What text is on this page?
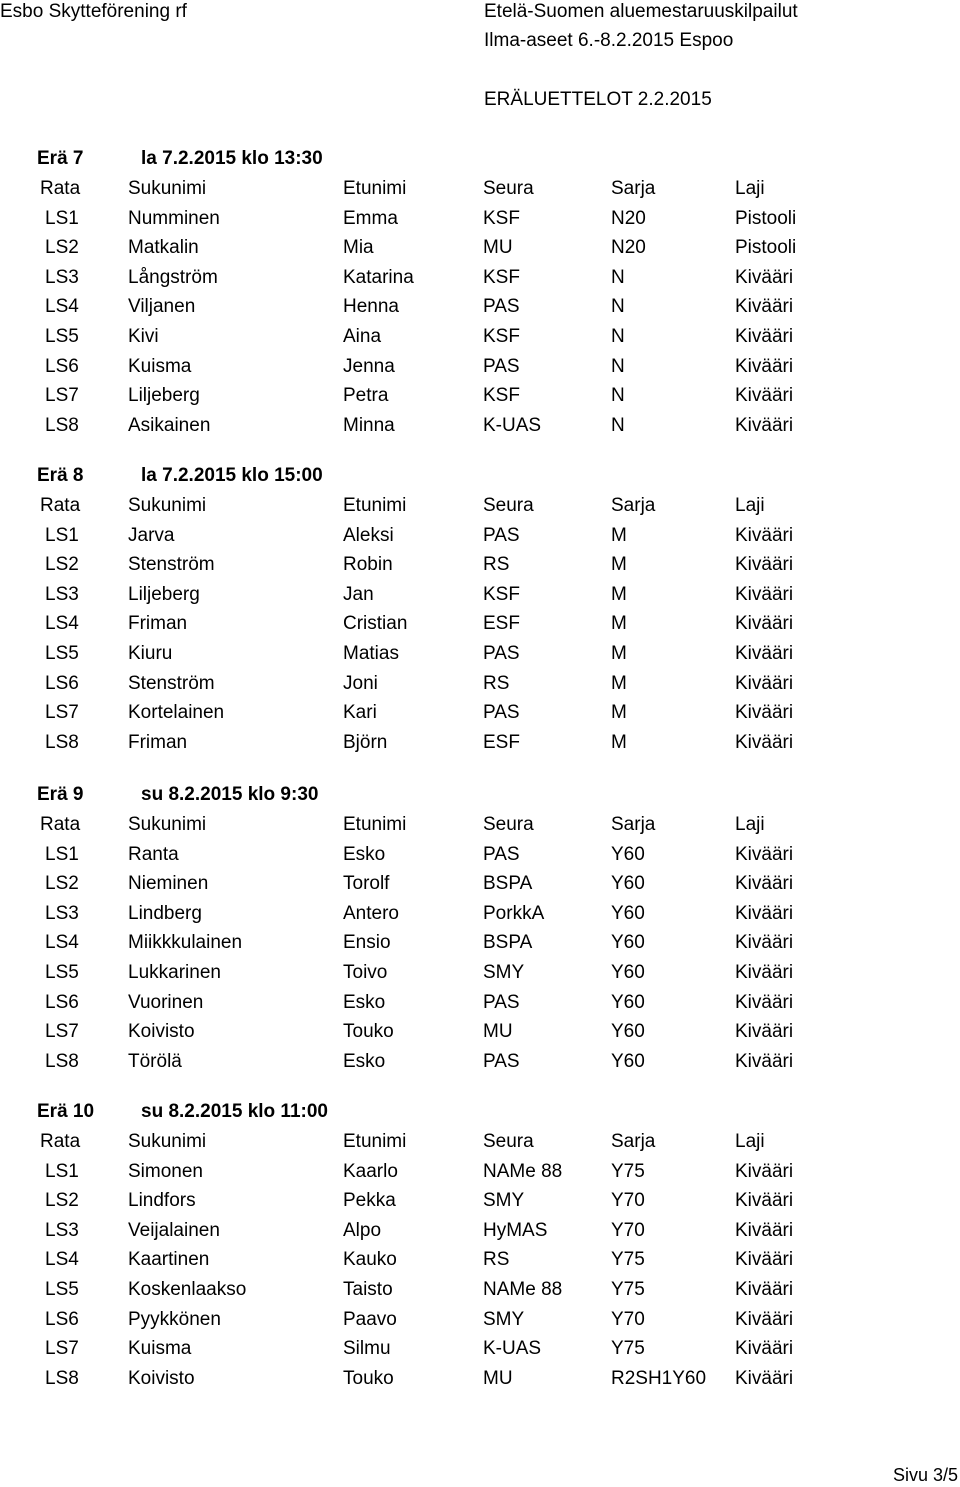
Esbo Skytteförening rf	Etelä-Suomen aluemestaruuskilpailut
Ilma-aseet 6.-8.2.2015 Espoo
ERÄLUETTELOT 2.2.2015
Erä 7	la 7.2.2015 klo 13:30
Rata	Sukunimi	Etunimi	Seura	Sarja	Laji
LS1	Numminen	Emma	KSF	N20	Pistooli
LS2	Matkalin	Mia	MU	N20	Pistooli
LS3	Långström	Katarina	KSF	N	Kivääri
LS4	Viljanen	Henna	PAS	N	Kivääri
LS5	Kivi	Aina	KSF	N	Kivääri
LS6	Kuisma	Jenna	PAS	N	Kivääri
LS7	Liljeberg	Petra	KSF	N	Kivääri
LS8	Asikainen	Minna	K-UAS	N	Kivääri
Erä 8	la 7.2.2015 klo 15:00
Rata	Sukunimi	Etunimi	Seura	Sarja	Laji
LS1	Jarva	Aleksi	PAS	M	Kivääri
LS2	Stenström	Robin	RS	M	Kivääri
LS3	Liljeberg	Jan	KSF	M	Kivääri
LS4	Friman	Cristian	ESF	M	Kivääri
LS5	Kiuru	Matias	PAS	M	Kivääri
LS6	Stenström	Joni	RS	M	Kivääri
LS7	Kortelainen	Kari	PAS	M	Kivääri
LS8	Friman	Björn	ESF	M	Kivääri
Erä 9	su 8.2.2015 klo 9:30
Rata	Sukunimi	Etunimi	Seura	Sarja	Laji
LS1	Ranta	Esko	PAS	Y60	Kivääri
LS2	Nieminen	Torolf	BSPA	Y60	Kivääri
LS3	Lindberg	Antero	PorkkA	Y60	Kivääri
LS4	Miikkkulainen	Ensio	BSPA	Y60	Kivääri
LS5	Lukkarinen	Toivo	SMY	Y60	Kivääri
LS6	Vuorinen	Esko	PAS	Y60	Kivääri
LS7	Koivisto	Touko	MU	Y60	Kivääri
LS8	Törölä	Esko	PAS	Y60	Kivääri
Erä 10 su 8.2.2015 klo 11:00
Rata	Sukunimi	Etunimi	Seura	Sarja	Laji
LS1	Simonen	Kaarlo	NAMe 88	Y75	Kivääri
LS2	Lindfors	Pekka	SMY	Y70	Kivääri
LS3	Veijalainen	Alpo	HyMAS	Y70	Kivääri
LS4	Kaartinen	Kauko	RS	Y75	Kivääri
LS5	Koskenlaakso	Taisto	NAMe 88	Y75	Kivääri
LS6	Pyykkönen	Paavo	SMY	Y70	Kivääri
LS7	Kuisma	Silmu	K-UAS	Y75	Kivääri
LS8	Koivisto	Touko	MU	R2SH1Y60 Kivääri
Sivu 3/5
